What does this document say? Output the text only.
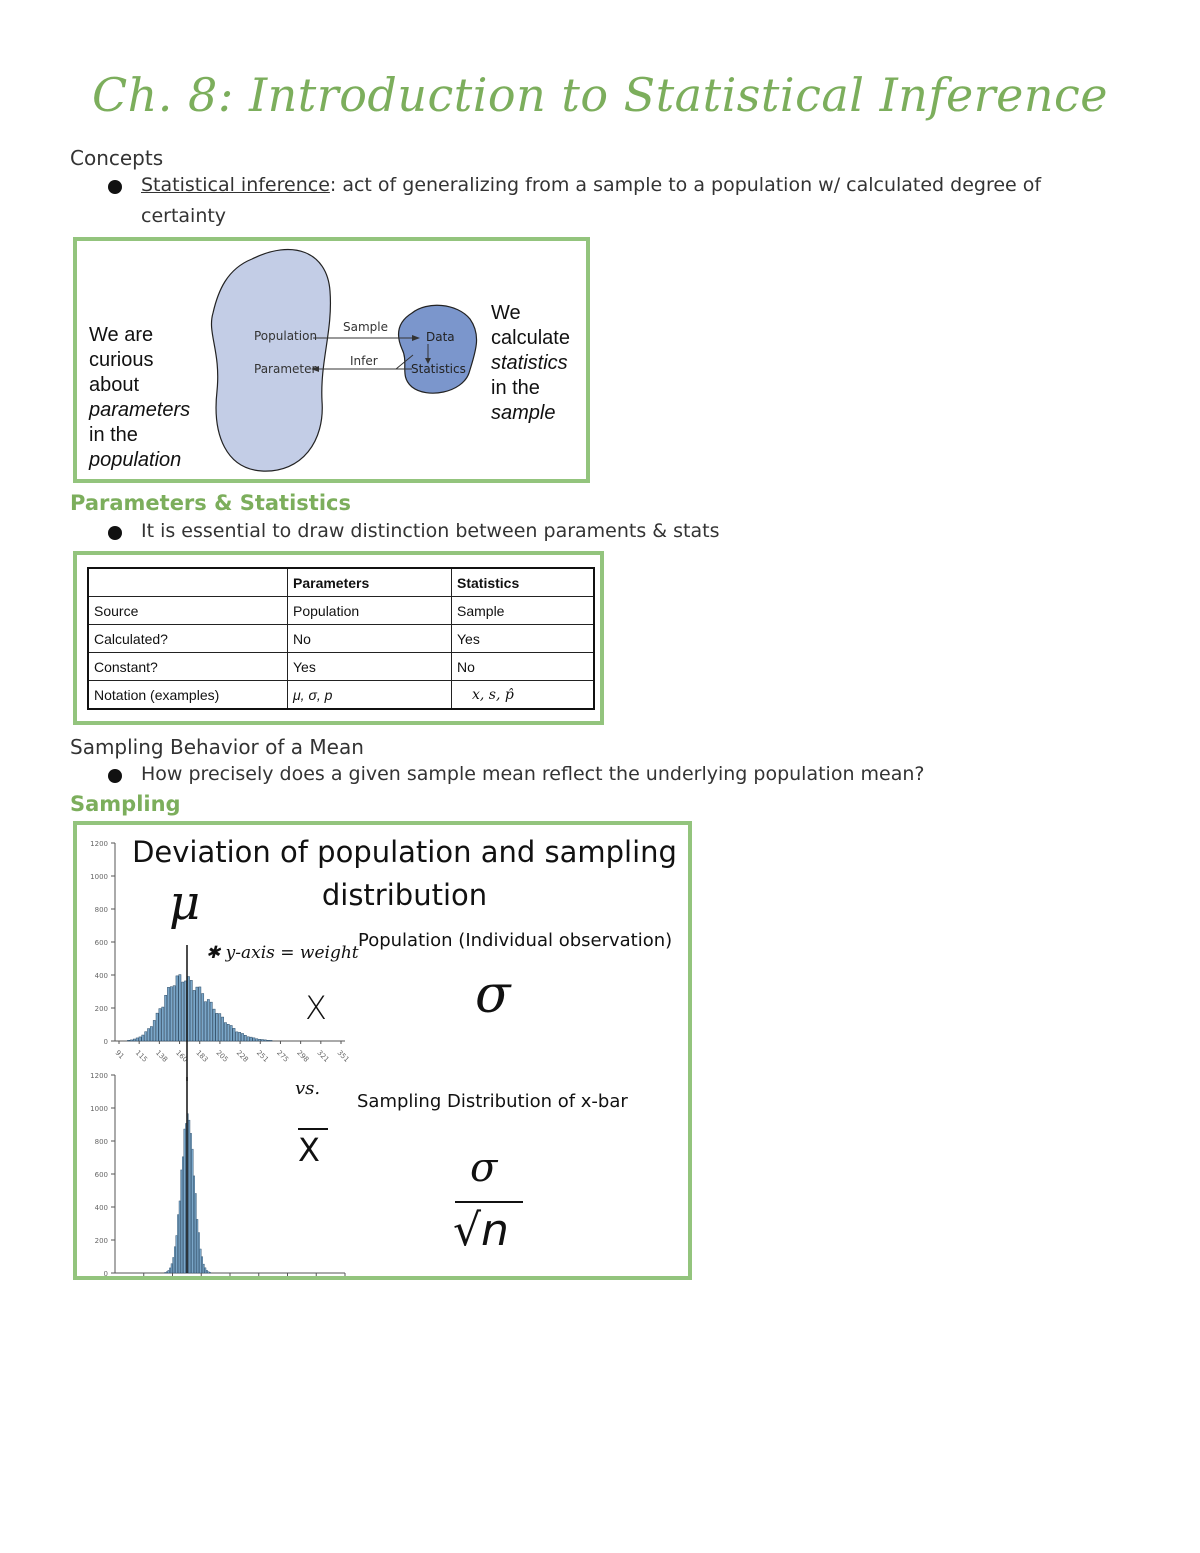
Ch. 8: Introduction to Statistical Inference
Concepts
Statistical inference: act of generalizing from a sample to a population w/ calculated degree of
certainty
We are
curious
about
parameters
in the
population
Population
Parameter
Sample
Infer
Data
Statistics
We
calculate
statistics
in the
sample
Parameters & Statistics
It is essential to draw distinction between paraments & stats
	Parameters	Statistics
Source	Population	Sample
Calculated?	No	Yes
Constant?	Yes	No
Notation (examples)	μ, σ, p	x, s, p̂
Sampling Behavior of a Mean
How precisely does a given sample mean reflect the underlying population mean?
Sampling
1200
1000
800
600
400
200
0
91 115 138 160 183 205 228 251 275 298 321 351
1200
1000
800
600
400
200
0
Deviation of population and sampling
distribution
μ
✱ y-axis = weight
X
vs.
X
Population (Individual observation)
σ
Sampling Distribution of x-bar
σ
√n
